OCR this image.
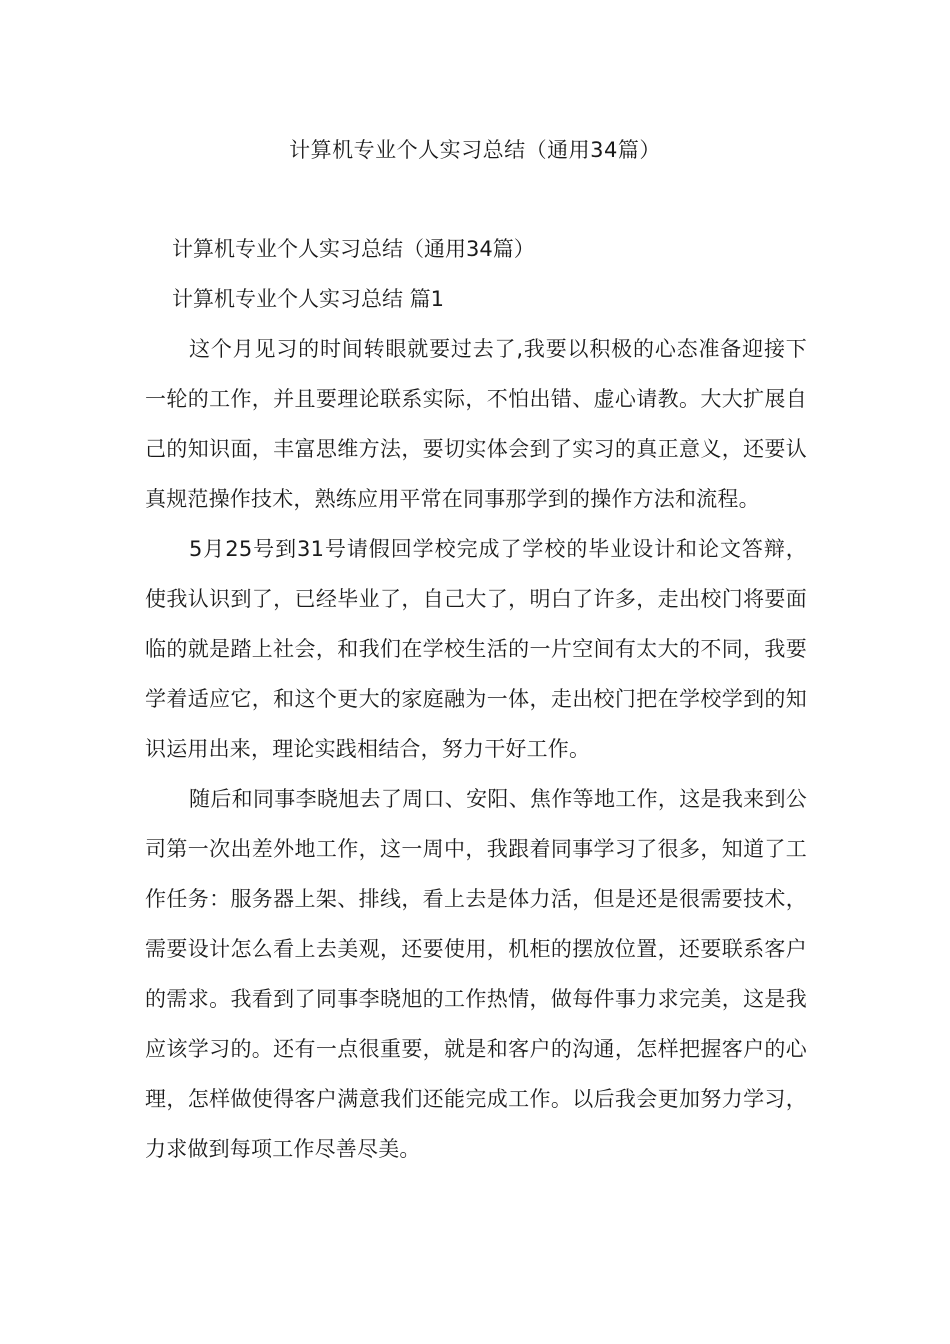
计算机专业个人实习总结（通用34篇）
计算机专业个人实习总结（通用34篇）
计算机专业个人实习总结 篇1

这个月见习的时间转眼就要过去了,我要以积极的心态准备迎接下一轮的工作，并且要理论联系实际，不怕出错、虚心请教。大大扩展自己的知识面，丰富思维方法，要切实体会到了实习的真正意义，还要认真规范操作技术，熟练应用平常在同事那学到的操作方法和流程。

5月25号到31号请假回学校完成了学校的毕业设计和论文答辩，使我认识到了，已经毕业了，自己大了，明白了许多，走出校门将要面临的就是踏上社会，和我们在学校生活的一片空间有太大的不同，我要学着适应它，和这个更大的家庭融为一体，走出校门把在学校学到的知识运用出来，理论实践相结合，努力干好工作。

随后和同事李晓旭去了周口、安阳、焦作等地工作，这是我来到公司第一次出差外地工作，这一周中，我跟着同事学习了很多，知道了工作任务：服务器上架、排线，看上去是体力活，但是还是很需要技术，需要设计怎么看上去美观，还要使用，机柜的摆放位置，还要联系客户的需求。我看到了同事李晓旭的工作热情，做每件事力求完美，这是我应该学习的。还有一点很重要，就是和客户的沟通，怎样把握客户的心理，怎样做使得客户满意我们还能完成工作。以后我会更加努力学习，力求做到每项工作尽善尽美。
